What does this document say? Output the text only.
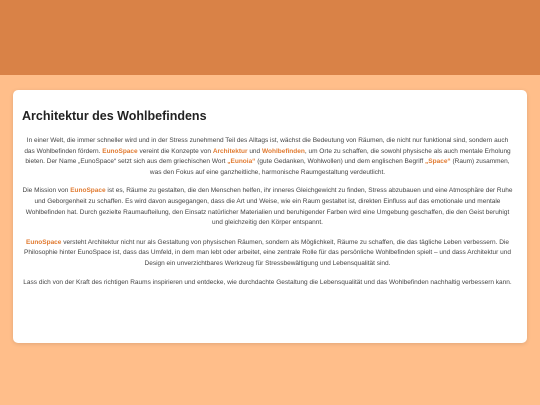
Architektur des Wohlbefindens

In einer Welt, die immer schneller wird und in der Stress zunehmend Teil des Alltags ist, wächst die Bedeutung von Räumen, die nicht nur funktional sind, sondern auch das Wohlbefinden fördern. EunoSpace vereint die Konzepte von Architektur und Wohlbefinden, um Orte zu schaffen, die sowohl physische als auch mentale Erholung bieten. Der Name „EunoSpace“ setzt sich aus dem griechischen Wort „Eunoia“ (gute Gedanken, Wohlwollen) und dem englischen Begriff „Space“ (Raum) zusammen, was den Fokus auf eine ganzheitliche, harmonische Raumgestaltung verdeutlicht.

Die Mission von EunoSpace ist es, Räume zu gestalten, die den Menschen helfen, ihr inneres Gleichgewicht zu finden, Stress abzubauen und eine Atmosphäre der Ruhe und Geborgenheit zu schaffen. Es wird davon ausgegangen, dass die Art und Weise, wie ein Raum gestaltet ist, direkten Einfluss auf das emotionale und mentale Wohlbefinden hat. Durch gezielte Raumaufteilung, den Einsatz natürlicher Materialien und beruhigender Farben wird eine Umgebung geschaffen, die den Geist beruhigt und gleichzeitig den Körper entspannt.

EunoSpace versteht Architektur nicht nur als Gestaltung von physischen Räumen, sondern als Möglichkeit, Räume zu schaffen, die das tägliche Leben verbessern. Die Philosophie hinter EunoSpace ist, dass das Umfeld, in dem man lebt oder arbeitet, eine zentrale Rolle für das persönliche Wohlbefinden spielt – und dass Architektur und Design ein unverzichtbares Werkzeug für Stressbewältigung und Lebensqualität sind.

Lass dich von der Kraft des richtigen Raums inspirieren und entdecke, wie durchdachte Gestaltung die Lebensqualität und das Wohlbefinden nachhaltig verbessern kann.
